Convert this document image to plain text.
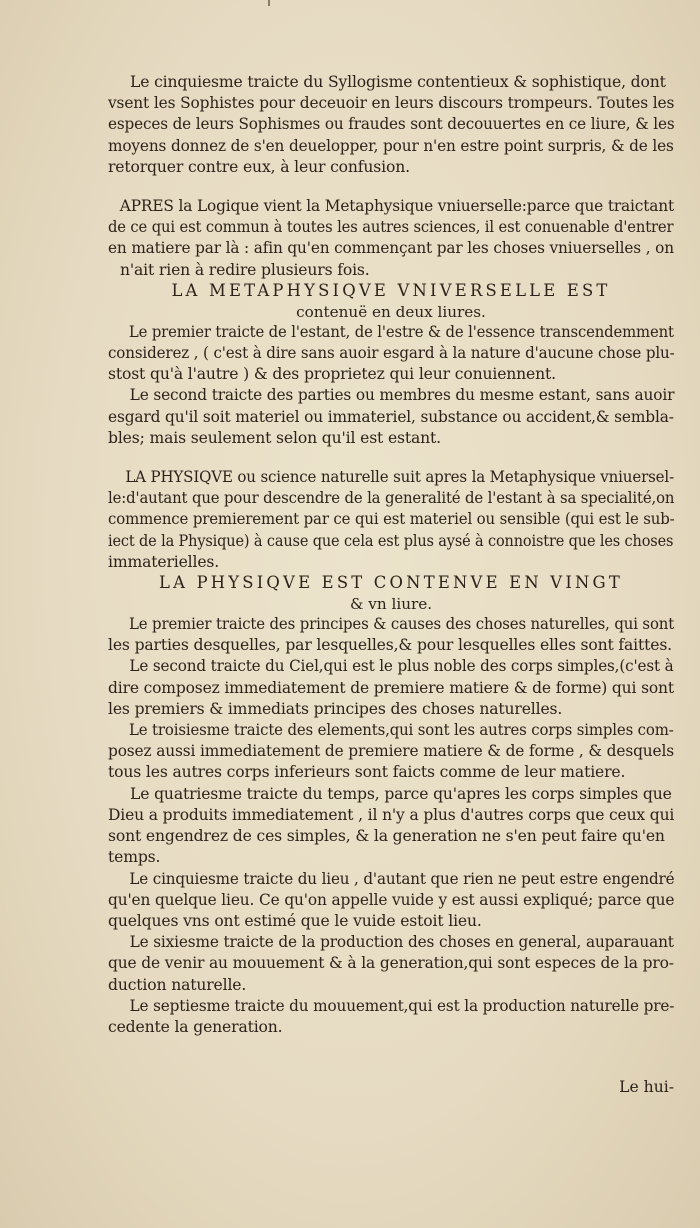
Le cinquiesme traicte du Syllogisme contentieux & sophistique, dont
vsent les Sophistes pour deceuoir en leurs discours trompeurs. Toutes les
especes de leurs Sophismes ou fraudes sont decouuertes en ce liure, & les
moyens donnez de s'en deuelopper, pour n'en estre point surpris, & de les
retorquer contre eux, à leur confusion.
APRES la Logique vient la Metaphysique vniuerselle:parce que traictant
de ce qui est commun à toutes les autres sciences, il est conuenable d'entrer
en matiere par là : afin qu'en commençant par les choses vniuerselles , on
n'ait rien à redire plusieurs fois.
LA METAPHYSIQVE VNIVERSELLE EST
contenuë en deux liures.
Le premier traicte de l'estant, de l'estre & de l'essence transcendemment
considerez , ( c'est à dire sans auoir esgard à la nature d'aucune chose plu-
stost qu'à l'autre ) & des proprietez qui leur conuiennent.
Le second traicte des parties ou membres du mesme estant, sans auoir
esgard qu'il soit materiel ou immateriel, substance ou accident,& sembla-
bles; mais seulement selon qu'il est estant.
LA PHYSIQVE ou science naturelle suit apres la Metaphysique vniuersel-
le:d'autant que pour descendre de la generalité de l'estant à sa specialité,on
commence premierement par ce qui est materiel ou sensible (qui est le sub-
iect de la Physique) à cause que cela est plus aysé à connoistre que les choses
immaterielles.
LA PHYSIQVE EST CONTENVE EN VINGT
& vn liure.
Le premier traicte des principes & causes des choses naturelles, qui sont
les parties desquelles, par lesquelles,& pour lesquelles elles sont faittes.
Le second traicte du Ciel,qui est le plus noble des corps simples,(c'est à
dire composez immediatement de premiere matiere & de forme) qui sont
les premiers & immediats principes des choses naturelles.
Le troisiesme traicte des elements,qui sont les autres corps simples com-
posez aussi immediatement de premiere matiere & de forme , & desquels
tous les autres corps inferieurs sont faicts comme de leur matiere.
Le quatriesme traicte du temps, parce qu'apres les corps simples que
Dieu a produits immediatement , il n'y a plus d'autres corps que ceux qui
sont engendrez de ces simples, & la generation ne s'en peut faire qu'en
temps.
Le cinquiesme traicte du lieu , d'autant que rien ne peut estre engendré
qu'en quelque lieu. Ce qu'on appelle vuide y est aussi expliqué; parce que
quelques vns ont estimé que le vuide estoit lieu.
Le sixiesme traicte de la production des choses en general, auparauant
que de venir au mouuement & à la generation,qui sont especes de la pro-
duction naturelle.
Le septiesme traicte du mouuement,qui est la production naturelle pre-
cedente la generation.
Le hui-
